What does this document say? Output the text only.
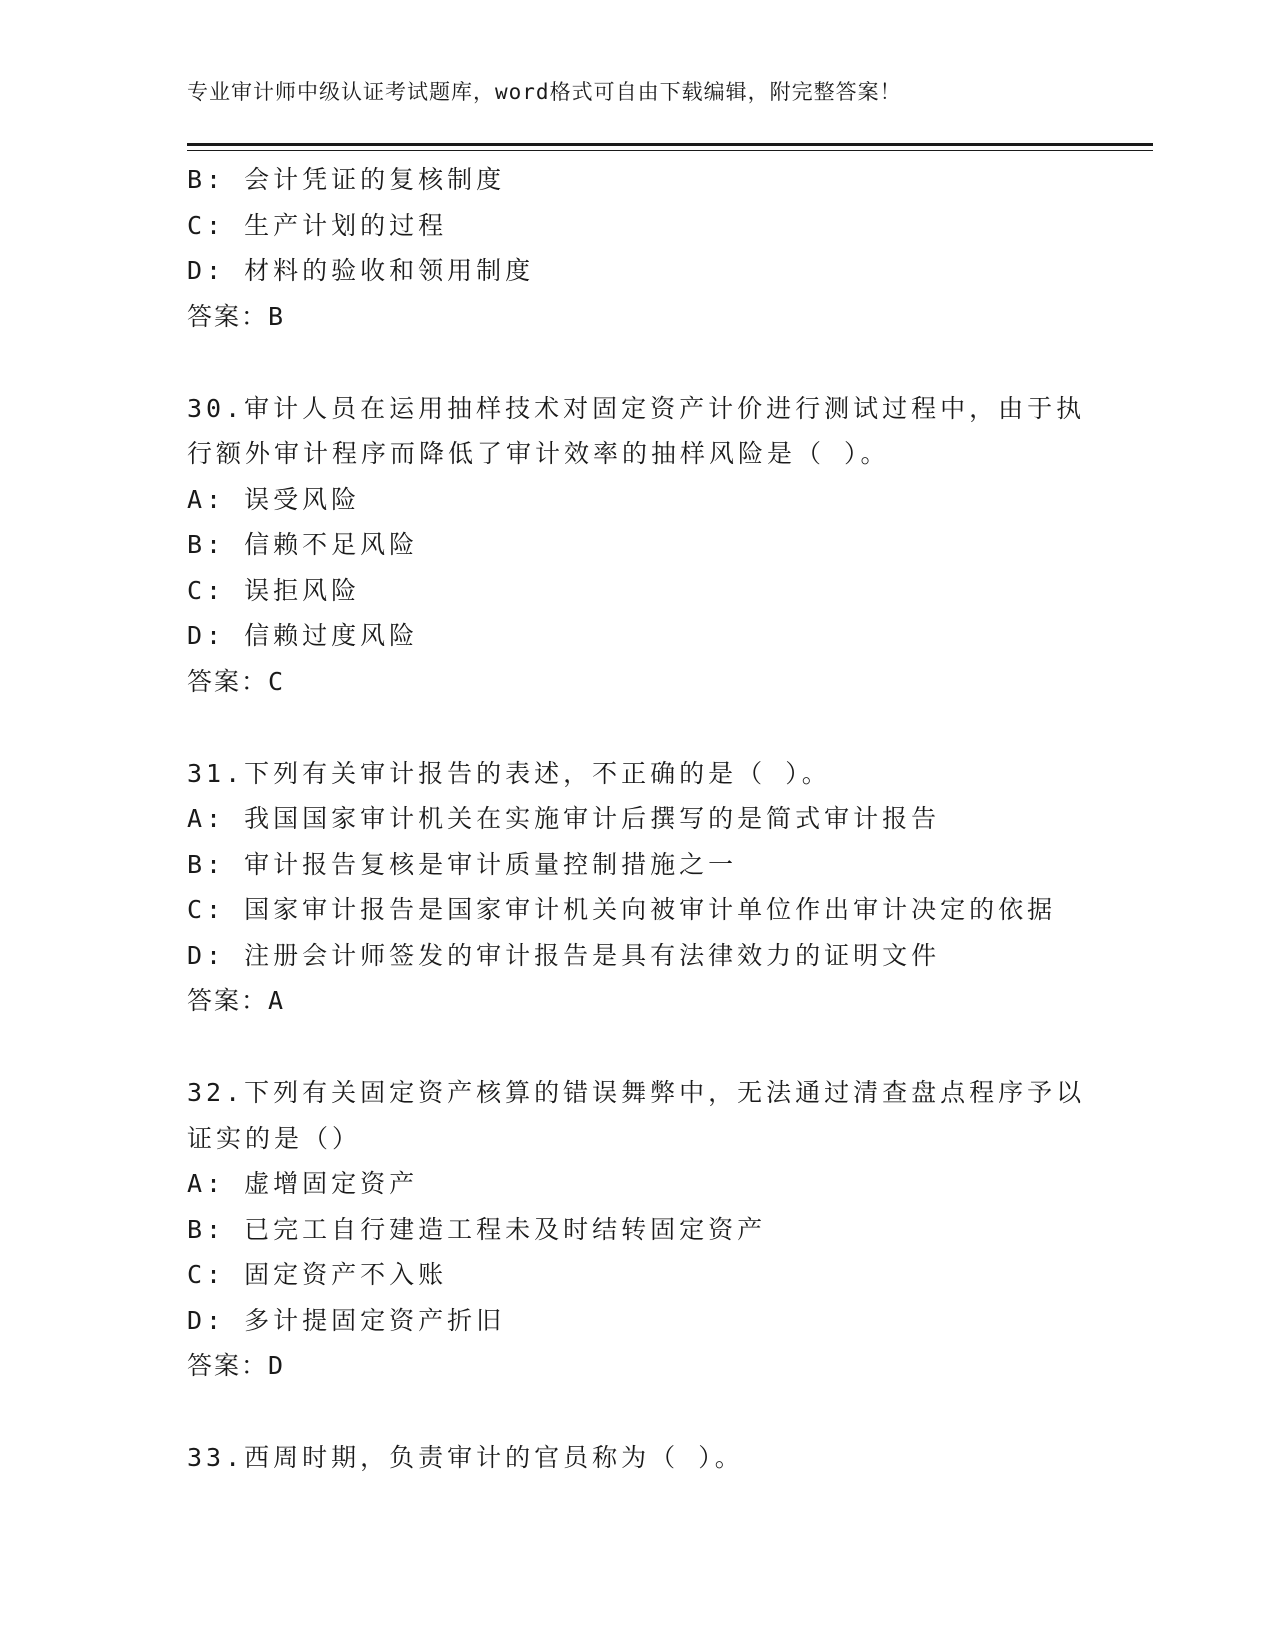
专业审计师中级认证考试题库，word格式可自由下载编辑，附完整答案！
B: 会计凭证的复核制度
C: 生产计划的过程
D: 材料的验收和领用制度
答案：B
30.审计人员在运用抽样技术对固定资产计价进行测试过程中，由于执
行额外审计程序而降低了审计效率的抽样风险是（ ）。
A: 误受风险
B: 信赖不足风险
C: 误拒风险
D: 信赖过度风险
答案：C
31.下列有关审计报告的表述，不正确的是（ ）。
A: 我国国家审计机关在实施审计后撰写的是简式审计报告
B: 审计报告复核是审计质量控制措施之一
C: 国家审计报告是国家审计机关向被审计单位作出审计决定的依据
D: 注册会计师签发的审计报告是具有法律效力的证明文件
答案：A
32.下列有关固定资产核算的错误舞弊中，无法通过清查盘点程序予以
证实的是（）
A: 虚增固定资产
B: 已完工自行建造工程未及时结转固定资产
C: 固定资产不入账
D: 多计提固定资产折旧
答案：D
33.西周时期，负责审计的官员称为（ ）。
